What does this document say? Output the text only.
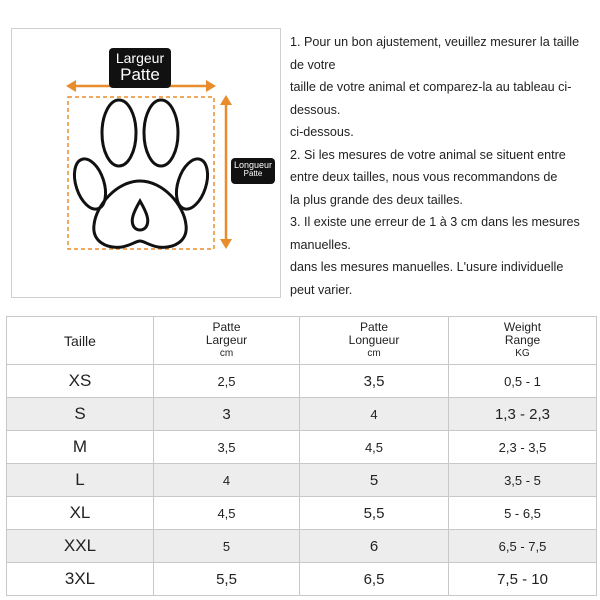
Largeur
Patte
Longueur
Patte

1. Pour un bon ajustement, veuillez mesurer la taille

de votre

taille de votre animal et comparez-la au tableau ci-

dessous.

ci-dessous.

2. Si les mesures de votre animal se situent entre

entre deux tailles, nous vous recommandons de

la plus grande des deux tailles.

3. Il existe une erreur de 1 à 3 cm dans les mesures

manuelles.

dans les mesures manuelles. L'usure individuelle

peut varier.

Taille	Patte
Largeur
cm	Patte
Longueur
cm	Weight
Range
KG

XS	2,5	3,5	0,5 - 1
S	3	4	1,3 - 2,3
M	3,5	4,5	2,3 - 3,5
L	4	5	3,5 - 5
XL	4,5	5,5	5 - 6,5
XXL	5	6	6,5 - 7,5
3XL	5,5	6,5	7,5 - 10
